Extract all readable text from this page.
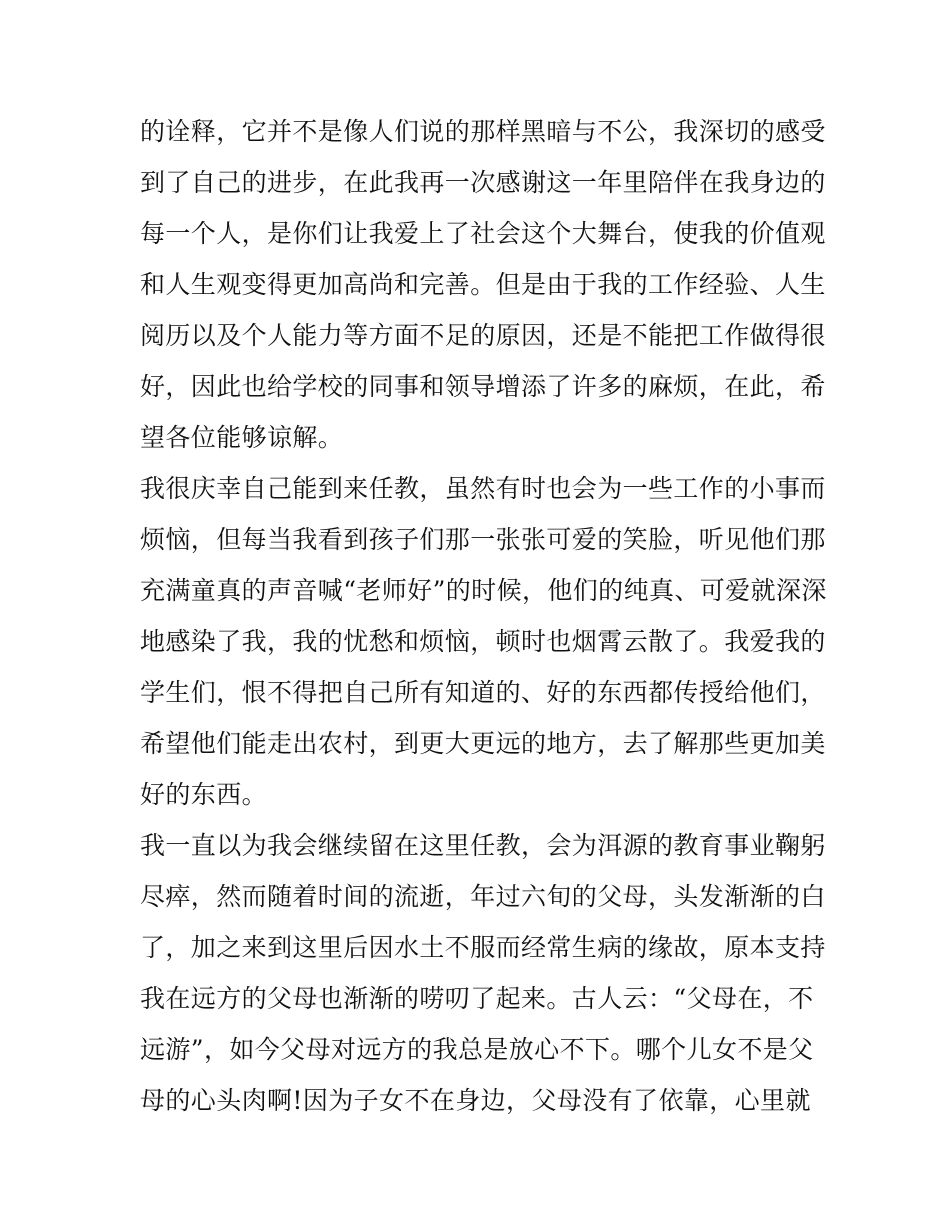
的诠释，它并不是像人们说的那样黑暗与不公，我深切的感受
到了自己的进步，在此我再一次感谢这一年里陪伴在我身边的
每一个人，是你们让我爱上了社会这个大舞台，使我的价值观
和人生观变得更加高尚和完善。但是由于我的工作经验、人生
阅历以及个人能力等方面不足的原因，还是不能把工作做得很
好，因此也给学校的同事和领导增添了许多的麻烦，在此，希
望各位能够谅解。
我很庆幸自己能到来任教，虽然有时也会为一些工作的小事而
烦恼，但每当我看到孩子们那一张张可爱的笑脸，听见他们那
充满童真的声音喊“老师好”的时候，他们的纯真、可爱就深深
地感染了我，我的忧愁和烦恼，顿时也烟霄云散了。我爱我的
学生们，恨不得把自己所有知道的、好的东西都传授给他们，
希望他们能走出农村，到更大更远的地方，去了解那些更加美
好的东西。
我一直以为我会继续留在这里任教，会为洱源的教育事业鞠躬
尽瘁，然而随着时间的流逝，年过六旬的父母，头发渐渐的白
了，加之来到这里后因水土不服而经常生病的缘故，原本支持
我在远方的父母也渐渐的唠叨了起来。古人云：“父母在，不
远游”，如今父母对远方的我总是放心不下。哪个儿女不是父
母的心头肉啊!因为子女不在身边，父母没有了依靠，心里就
